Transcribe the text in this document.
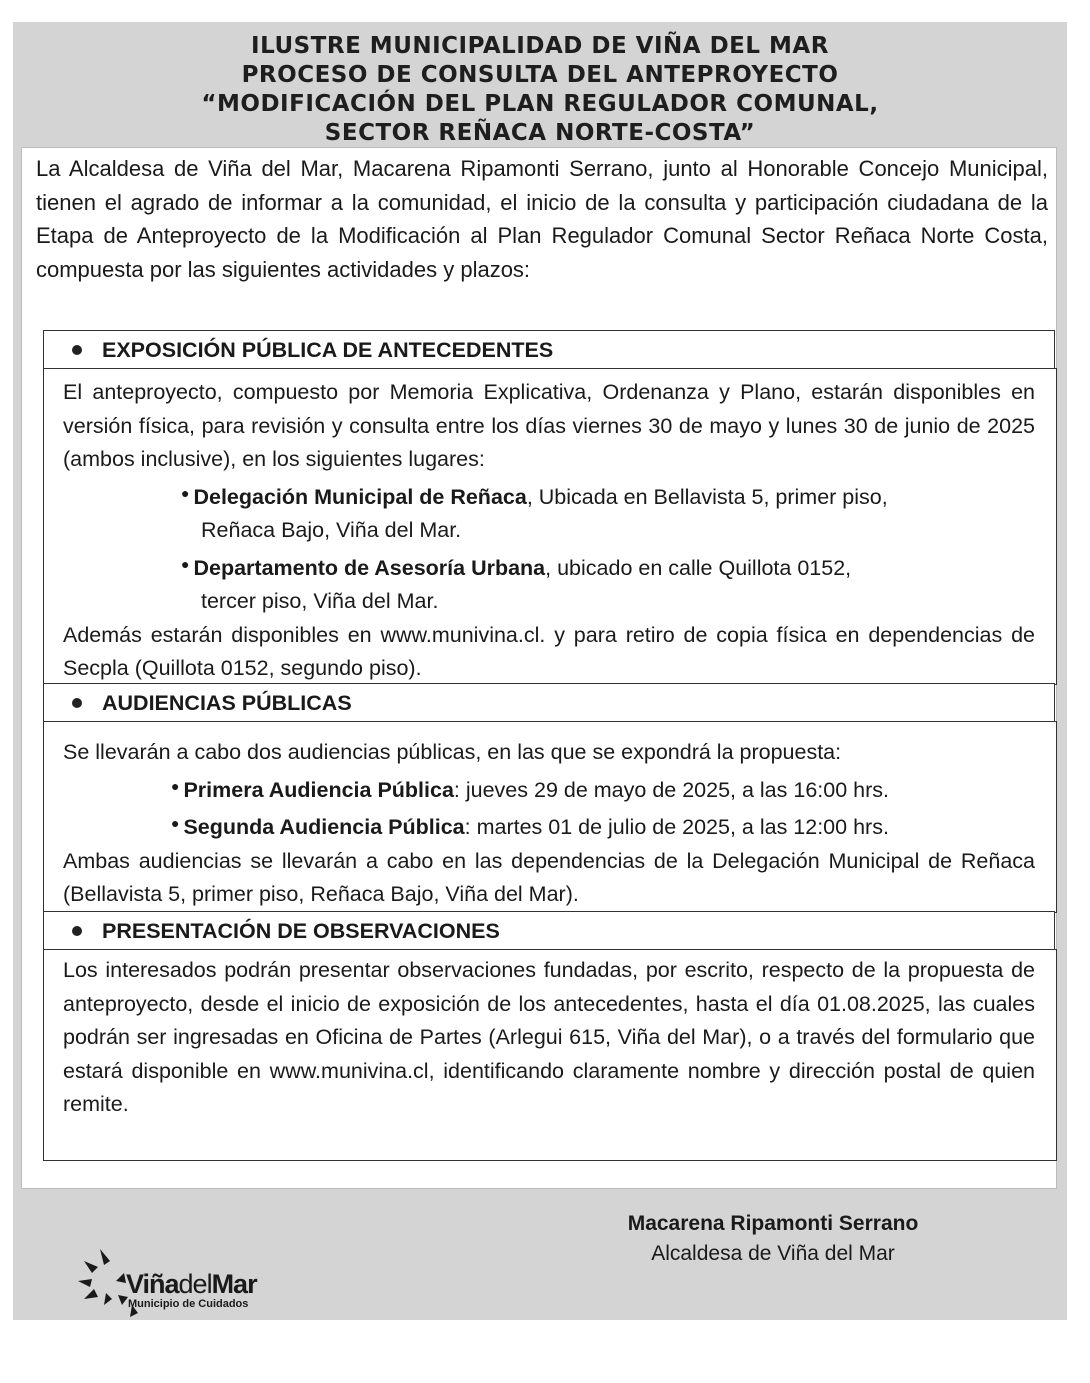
ILUSTRE MUNICIPALIDAD DE VIÑA DEL MAR
PROCESO DE CONSULTA DEL ANTEPROYECTO
“MODIFICACIÓN DEL PLAN REGULADOR COMUNAL,
SECTOR REÑACA NORTE-COSTA”

La Alcaldesa de Viña del Mar, Macarena Ripamonti Serrano, junto al Honorable Concejo Municipal, tienen el agrado de informar a la comunidad, el inicio de la consulta y participación ciudadana de la Etapa de Anteproyecto de la Modificación al Plan Regulador Comunal Sector Reñaca Norte Costa, compuesta por las siguientes actividades y plazos:

EXPOSICIÓN PÚBLICA DE ANTECEDENTES

El anteproyecto, compuesto por Memoria Explicativa, Ordenanza y Plano, estarán disponibles en versión física, para revisión y consulta entre los días viernes 30 de mayo y lunes 30 de junio de 2025 (ambos inclusive), en los siguientes lugares:

● Delegación Municipal de Reñaca, Ubicada en Bellavista 5, primer piso,
Reñaca Bajo, Viña del Mar.

● Departamento de Asesoría Urbana, ubicado en calle Quillota 0152,
tercer piso, Viña del Mar.

Además estarán disponibles en www.munivina.cl. y para retiro de copia física en dependencias de Secpla (Quillota 0152, segundo piso).

AUDIENCIAS PÚBLICAS

Se llevarán a cabo dos audiencias públicas, en las que se expondrá la propuesta:

● Primera Audiencia Pública: jueves 29 de mayo de 2025, a las 16:00 hrs.

● Segunda Audiencia Pública: martes 01 de julio de 2025, a las 12:00 hrs.

Ambas audiencias se llevarán a cabo en las dependencias de la Delegación Municipal de Reñaca (Bellavista 5, primer piso, Reñaca Bajo, Viña del Mar).

PRESENTACIÓN DE OBSERVACIONES

Los interesados podrán presentar observaciones fundadas, por escrito, respecto de la propuesta de anteproyecto, desde el inicio de exposición de los antecedentes, hasta el día 01.08.2025, las cuales podrán ser ingresadas en Oficina de Partes (Arlegui 615, Viña del Mar), o a través del formulario que estará disponible en www.munivina.cl, identificando claramente nombre y dirección postal de quien remite.

Macarena Ripamonti Serrano
Alcaldesa de Viña del Mar
ViñadelMar
Municipio de Cuidados
